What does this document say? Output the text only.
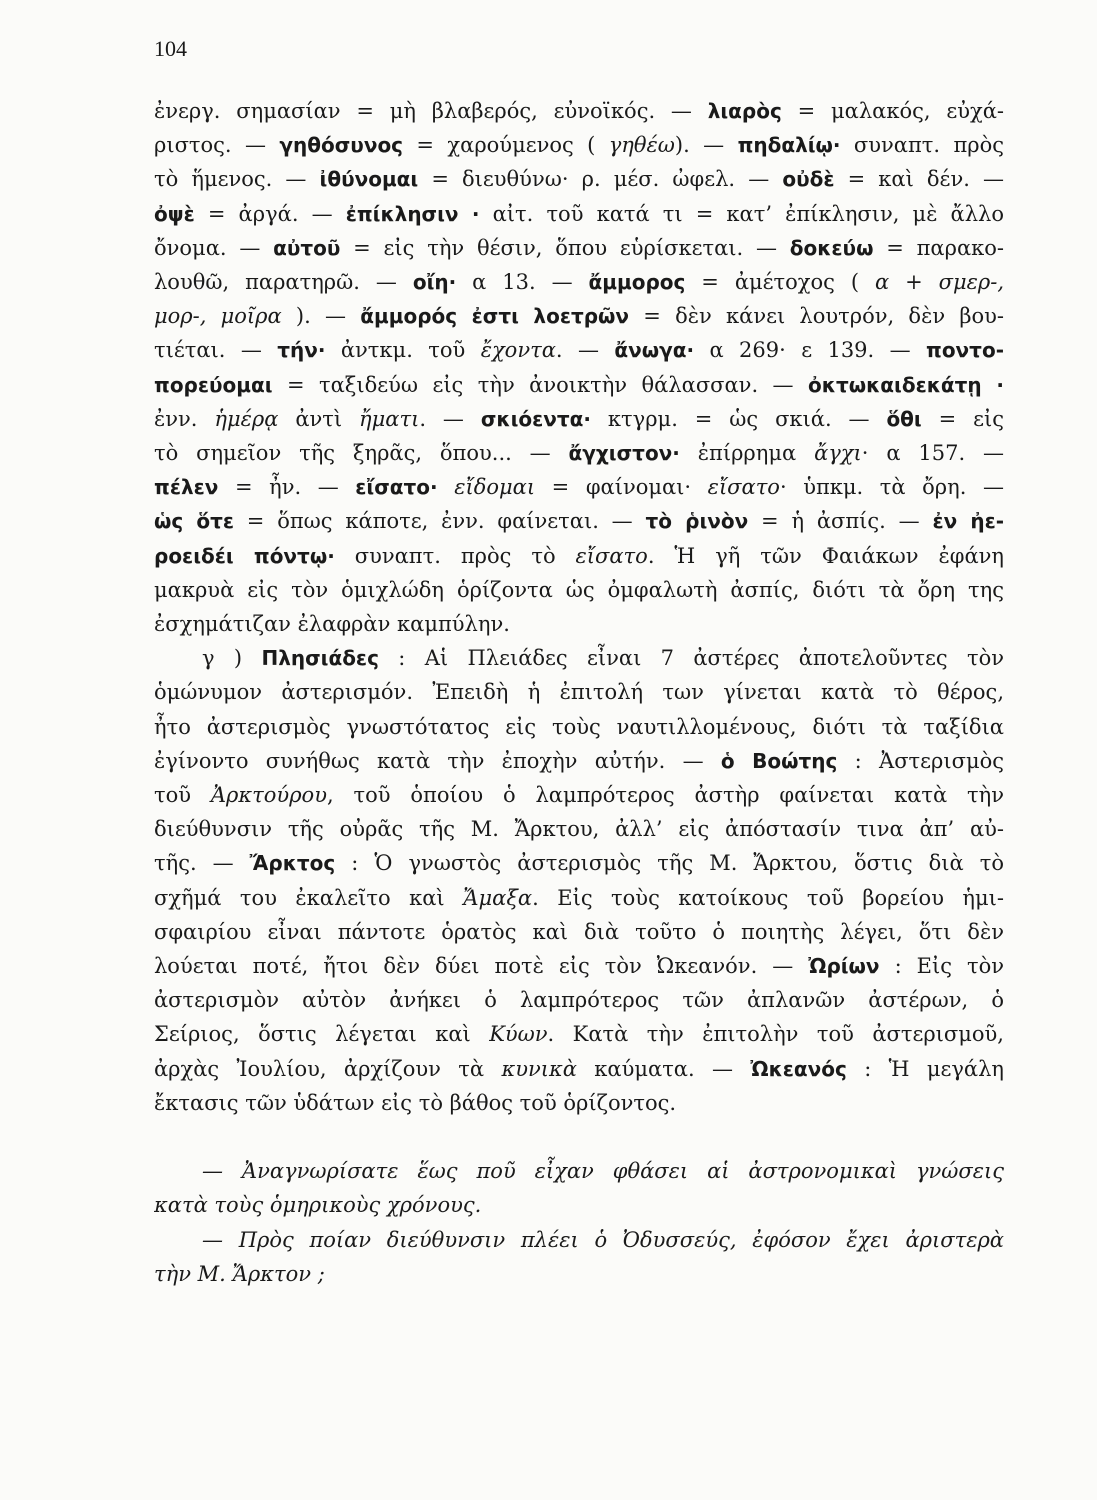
104
ἐνεργ. σημασίαν = μὴ βλαβερός, εὐνοϊκός. — λιαρὸς = μαλακός, εὐχά-
ριστος. — γηθόσυνος = χαρούμενος ( γηθέω). — πηδαλίῳ· συναπτ. πρὸς
τὸ ἥμενος. — ἰθύνομαι = διευθύνω· ρ. μέσ. ὠφελ. — οὐδὲ = καὶ δέν. —
ὀψὲ = ἀργά. — ἐπίκλησιν · αἰτ. τοῦ κατά τι = κατ’ ἐπίκλησιν, μὲ ἄλλο
ὄνομα. — αὐτοῦ = εἰς τὴν θέσιν, ὅπου εὑρίσκεται. — δοκεύω = παρακο-
λουθῶ, παρατηρῶ. — οἴη· α 13. — ἄμμορος = ἀμέτοχος ( α + σμερ-,
μορ-, μοῖρα ). — ἄμμορός ἐστι λοετρῶν = δὲν κάνει λουτρόν, δὲν βου-
τιέται. — τήν· ἀντκμ. τοῦ ἔχοντα. — ἄνωγα· α 269· ε 139. — ποντο-
πορεύομαι = ταξιδεύω εἰς τὴν ἀνοικτὴν θάλασσαν. — ὀκτωκαιδεκάτῃ ·
ἐνν. ἡμέρᾳ ἀντὶ ἤματι. — σκιόεντα· κτγρμ. = ὡς σκιά. — ὅθι = εἰς
τὸ σημεῖον τῆς ξηρᾶς, ὅπου... — ἄγχιστον· ἐπίρρημα ἄγχι· α 157. —
πέλεν = ἦν. — εἴσατο· εἴδομαι = φαίνομαι· εἴσατο· ὑπκμ. τὰ ὄρη. —
ὡς ὅτε = ὅπως κάποτε, ἐνν. φαίνεται. — τὸ ῥινὸν = ἡ ἀσπίς. — ἐν ἠε-
ροειδέι πόντῳ· συναπτ. πρὸς τὸ εἴσατο. Ἡ γῆ τῶν Φαιάκων ἐφάνη
μακρυὰ εἰς τὸν ὁμιχλώδη ὁρίζοντα ὡς ὀμφαλωτὴ ἀσπίς, διότι τὰ ὄρη της
ἐσχημάτιζαν ἐλαφρὰν καμπύλην.
γ ) Πλησιάδες : Αἱ Πλειάδες εἶναι 7 ἀστέρες ἀποτελοῦντες τὸν
ὁμώνυμον ἀστερισμόν. Ἐπειδὴ ἡ ἐπιτολή των γίνεται κατὰ τὸ θέρος,
ἦτο ἀστερισμὸς γνωστότατος εἰς τοὺς ναυτιλλομένους, διότι τὰ ταξίδια
ἐγίνοντο συνήθως κατὰ τὴν ἐποχὴν αὐτήν. — ὁ Βοώτης : Ἀστερισμὸς
τοῦ Ἀρκτούρου, τοῦ ὁποίου ὁ λαμπρότερος ἀστὴρ φαίνεται κατὰ τὴν
διεύθυνσιν τῆς οὐρᾶς τῆς Μ. Ἄρκτου, ἀλλ’ εἰς ἀπόστασίν τινα ἀπ’ αὐ-
τῆς. — Ἄρκτος : Ὁ γνωστὸς ἀστερισμὸς τῆς Μ. Ἄρκτου, ὅστις διὰ τὸ
σχῆμά του ἐκαλεῖτο καὶ Ἄμαξα. Εἰς τοὺς κατοίκους τοῦ βορείου ἡμι-
σφαιρίου εἶναι πάντοτε ὁρατὸς καὶ διὰ τοῦτο ὁ ποιητὴς λέγει, ὅτι δὲν
λούεται ποτέ, ἤτοι δὲν δύει ποτὲ εἰς τὸν Ὠκεανόν. — Ὠρίων : Εἰς τὸν
ἀστερισμὸν αὐτὸν ἀνήκει ὁ λαμπρότερος τῶν ἀπλανῶν ἀστέρων, ὁ
Σείριος, ὅστις λέγεται καὶ Κύων. Κατὰ τὴν ἐπιτολὴν τοῦ ἀστερισμοῦ,
ἀρχὰς Ἰουλίου, ἀρχίζουν τὰ κυνικὰ καύματα. — Ὠκεανός : Ἡ μεγάλη
ἔκτασις τῶν ὑδάτων εἰς τὸ βάθος τοῦ ὁρίζοντος.
— Ἀναγνωρίσατε ἕως ποῦ εἶχαν φθάσει αἱ ἀστρονομικαὶ γνώσεις
κατὰ τοὺς ὁμηρικοὺς χρόνους.
— Πρὸς ποίαν διεύθυνσιν πλέει ὁ Ὀδυσσεύς, ἐφόσον ἔχει ἀριστερὰ
τὴν Μ. Ἄρκτον ;
